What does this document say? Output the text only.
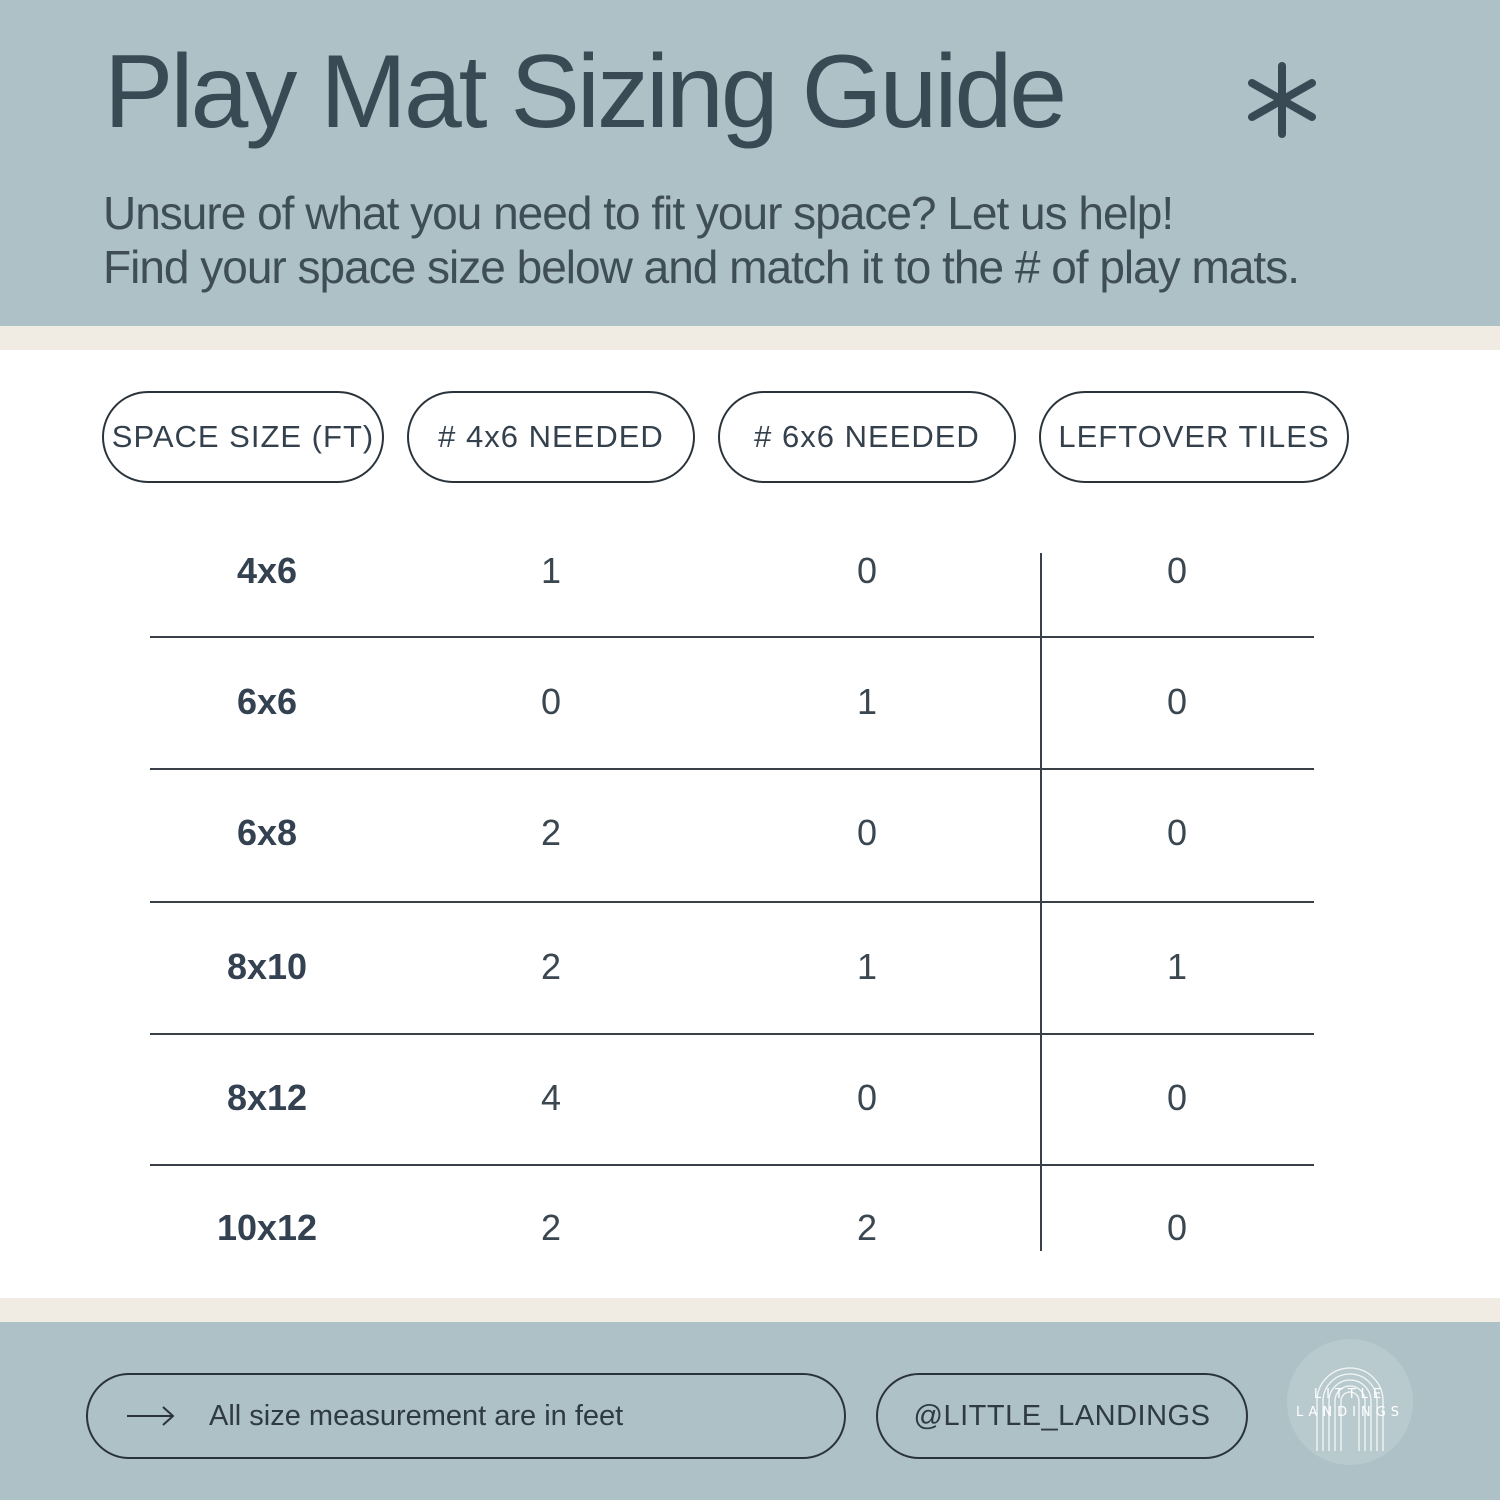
Play Mat Sizing Guide
Unsure of what you need to fit your space? Let us help!
Find your space size below and match it to the # of play mats.
SPACE SIZE (FT)	# 4x6 NEEDED	# 6x6 NEEDED	LEFTOVER TILES
4x6	1	0	0
6x6	0	1	0
6x8	2	0	0
8x10	2	1	1
8x12	4	0	0
10x12	2	2	0
All size measurement are in feet	@LITTLE_LANDINGS
LITTLE
LANDINGS
